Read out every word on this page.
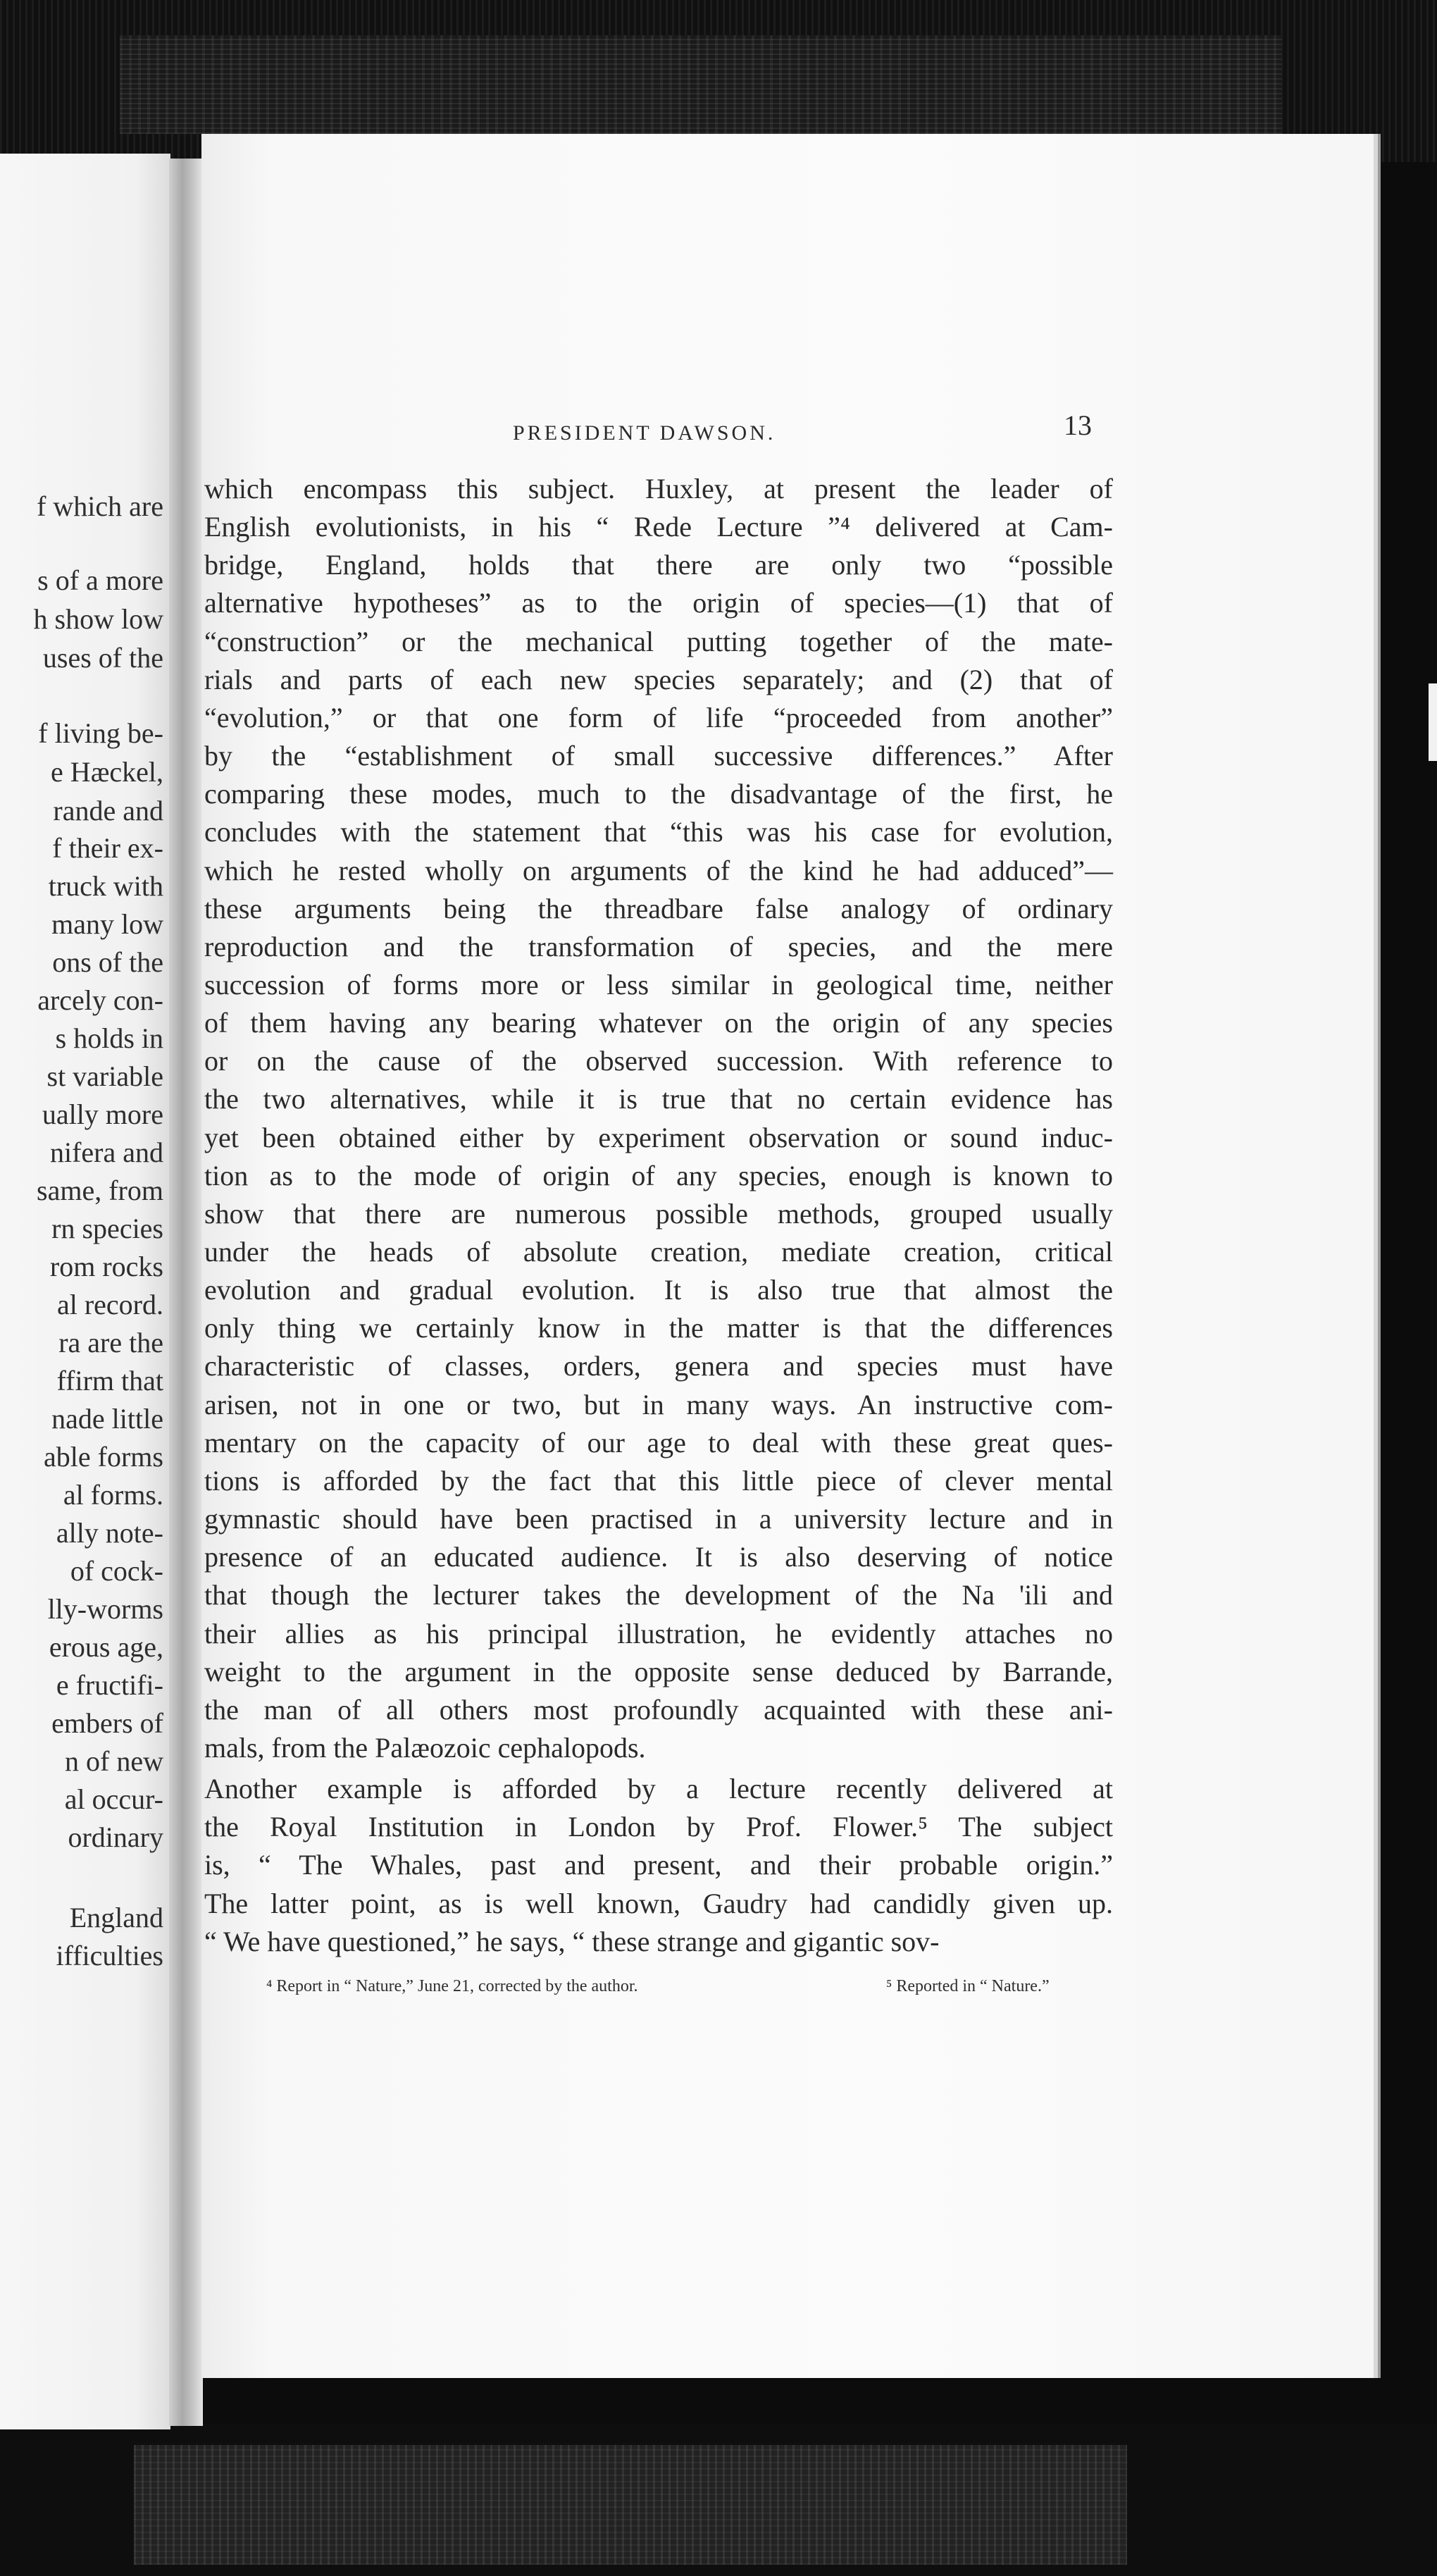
f which are
s of a more
h show low
uses of the
f living be-
e Hæckel,
rande and
f their ex-
truck with
many low
ons of the
arcely con-
s holds in
st variable
ually more
nifera and
same, from
rn species
rom rocks
al record.
ra are the
ffirm that
nade little
able forms
al forms.
ally note-
of cock-
lly-worms
erous age,
e fructifi-
embers of
n of new
al occur-
ordinary
England
ifficulties
PRESIDENT DAWSON.	13
which encompass this subject. Huxley, at present the leader of
English evolutionists, in his “ Rede Lecture ”⁴ delivered at Cam-
bridge, England, holds that there are only two “possible
alternative hypotheses” as to the origin of species—(1) that of
“construction” or the mechanical putting together of the mate-
rials and parts of each new species separately; and (2) that of
“evolution,” or that one form of life “proceeded from another”
by the “establishment of small successive differences.” After
comparing these modes, much to the disadvantage of the first, he
concludes with the statement that “this was his case for evolution,
which he rested wholly on arguments of the kind he had adduced”—
these arguments being the threadbare false analogy of ordinary
reproduction and the transformation of species, and the mere
succession of forms more or less similar in geological time, neither
of them having any bearing whatever on the origin of any species
or on the cause of the observed succession. With reference to
the two alternatives, while it is true that no certain evidence has
yet been obtained either by experiment observation or sound induc-
tion as to the mode of origin of any species, enough is known to
show that there are numerous possible methods, grouped usually
under the heads of absolute creation, mediate creation, critical
evolution and gradual evolution. It is also true that almost the
only thing we certainly know in the matter is that the differences
characteristic of classes, orders, genera and species must have
arisen, not in one or two, but in many ways. An instructive com-
mentary on the capacity of our age to deal with these great ques-
tions is afforded by the fact that this little piece of clever mental
gymnastic should have been practised in a university lecture and in
presence of an educated audience. It is also deserving of notice
that though the lecturer takes the development of the Na 'ili and
their allies as his principal illustration, he evidently attaches no
weight to the argument in the opposite sense deduced by Barrande,
the man of all others most profoundly acquainted with these ani-
mals, from the Palæozoic cephalopods.
Another example is afforded by a lecture recently delivered at
the Royal Institution in London by Prof. Flower.⁵ The subject
is, “ The Whales, past and present, and their probable origin.”
The latter point, as is well known, Gaudry had candidly given up.
“ We have questioned,” he says, “ these strange and gigantic sov-
⁴ Report in “ Nature,” June 21, corrected by the author.	⁵ Reported in “ Nature.”
